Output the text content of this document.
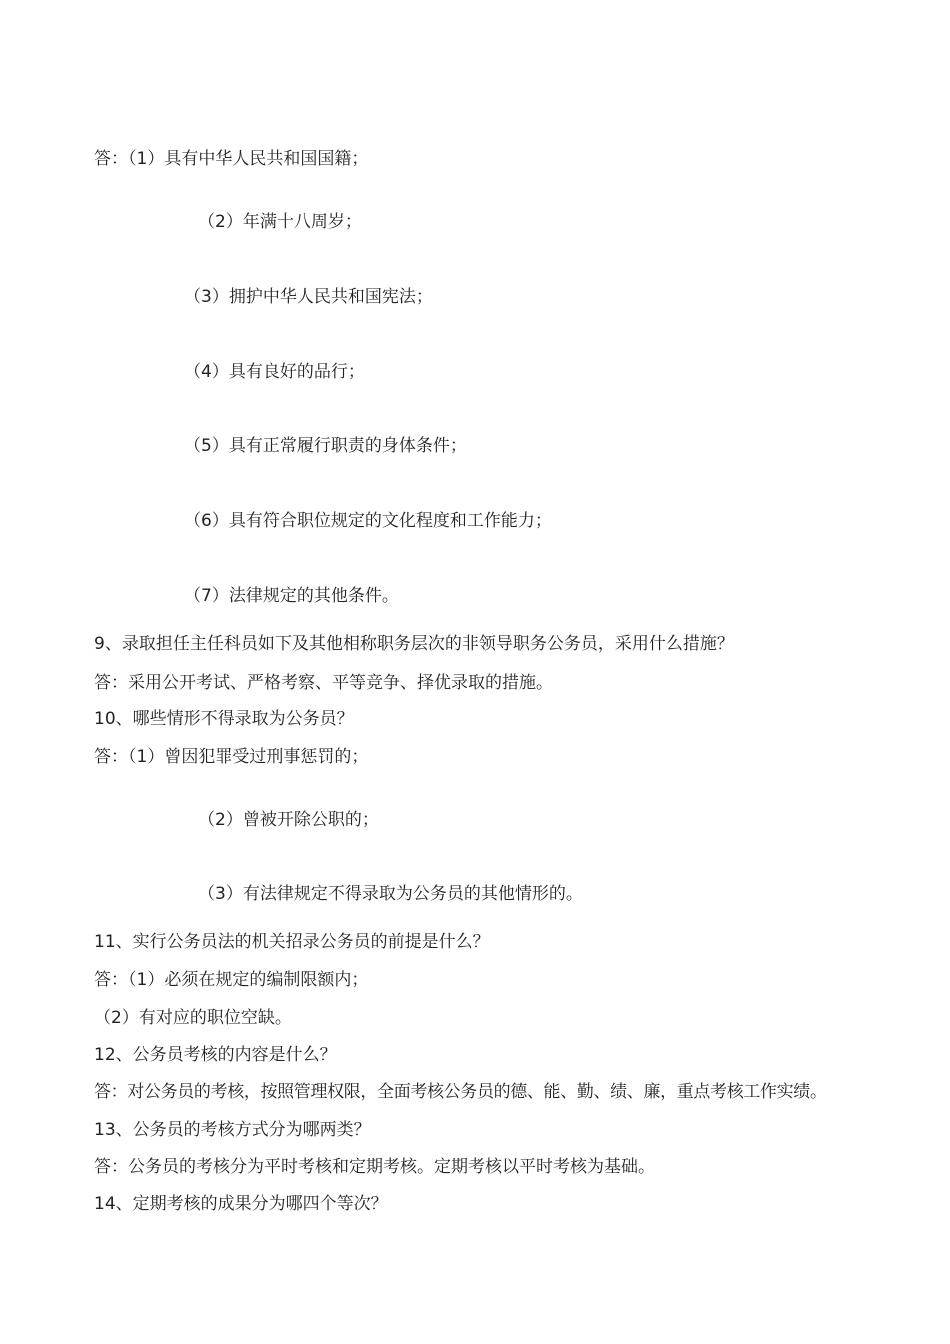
答：（1）具有中华人民共和国国籍；
（2）年满十八周岁；
（3）拥护中华人民共和国宪法；
（4）具有良好的品行；
（5）具有正常履行职责的身体条件；
（6）具有符合职位规定的文化程度和工作能力；
（7）法律规定的其他条件。
9、录取担任主任科员如下及其他相称职务层次的非领导职务公务员，采用什么措施？
答：采用公开考试、严格考察、平等竞争、择优录取的措施。
10、哪些情形不得录取为公务员？
答：（1）曾因犯罪受过刑事惩罚的；
（2）曾被开除公职的；
（3）有法律规定不得录取为公务员的其他情形的。
11、实行公务员法的机关招录公务员的前提是什么？
答：（1）必须在规定的编制限额内；
（2）有对应的职位空缺。
12、公务员考核的内容是什么？
答：对公务员的考核，按照管理权限，全面考核公务员的德、能、勤、绩、廉，重点考核工作实绩。
13、公务员的考核方式分为哪两类？
答：公务员的考核分为平时考核和定期考核。定期考核以平时考核为基础。
14、定期考核的成果分为哪四个等次？
